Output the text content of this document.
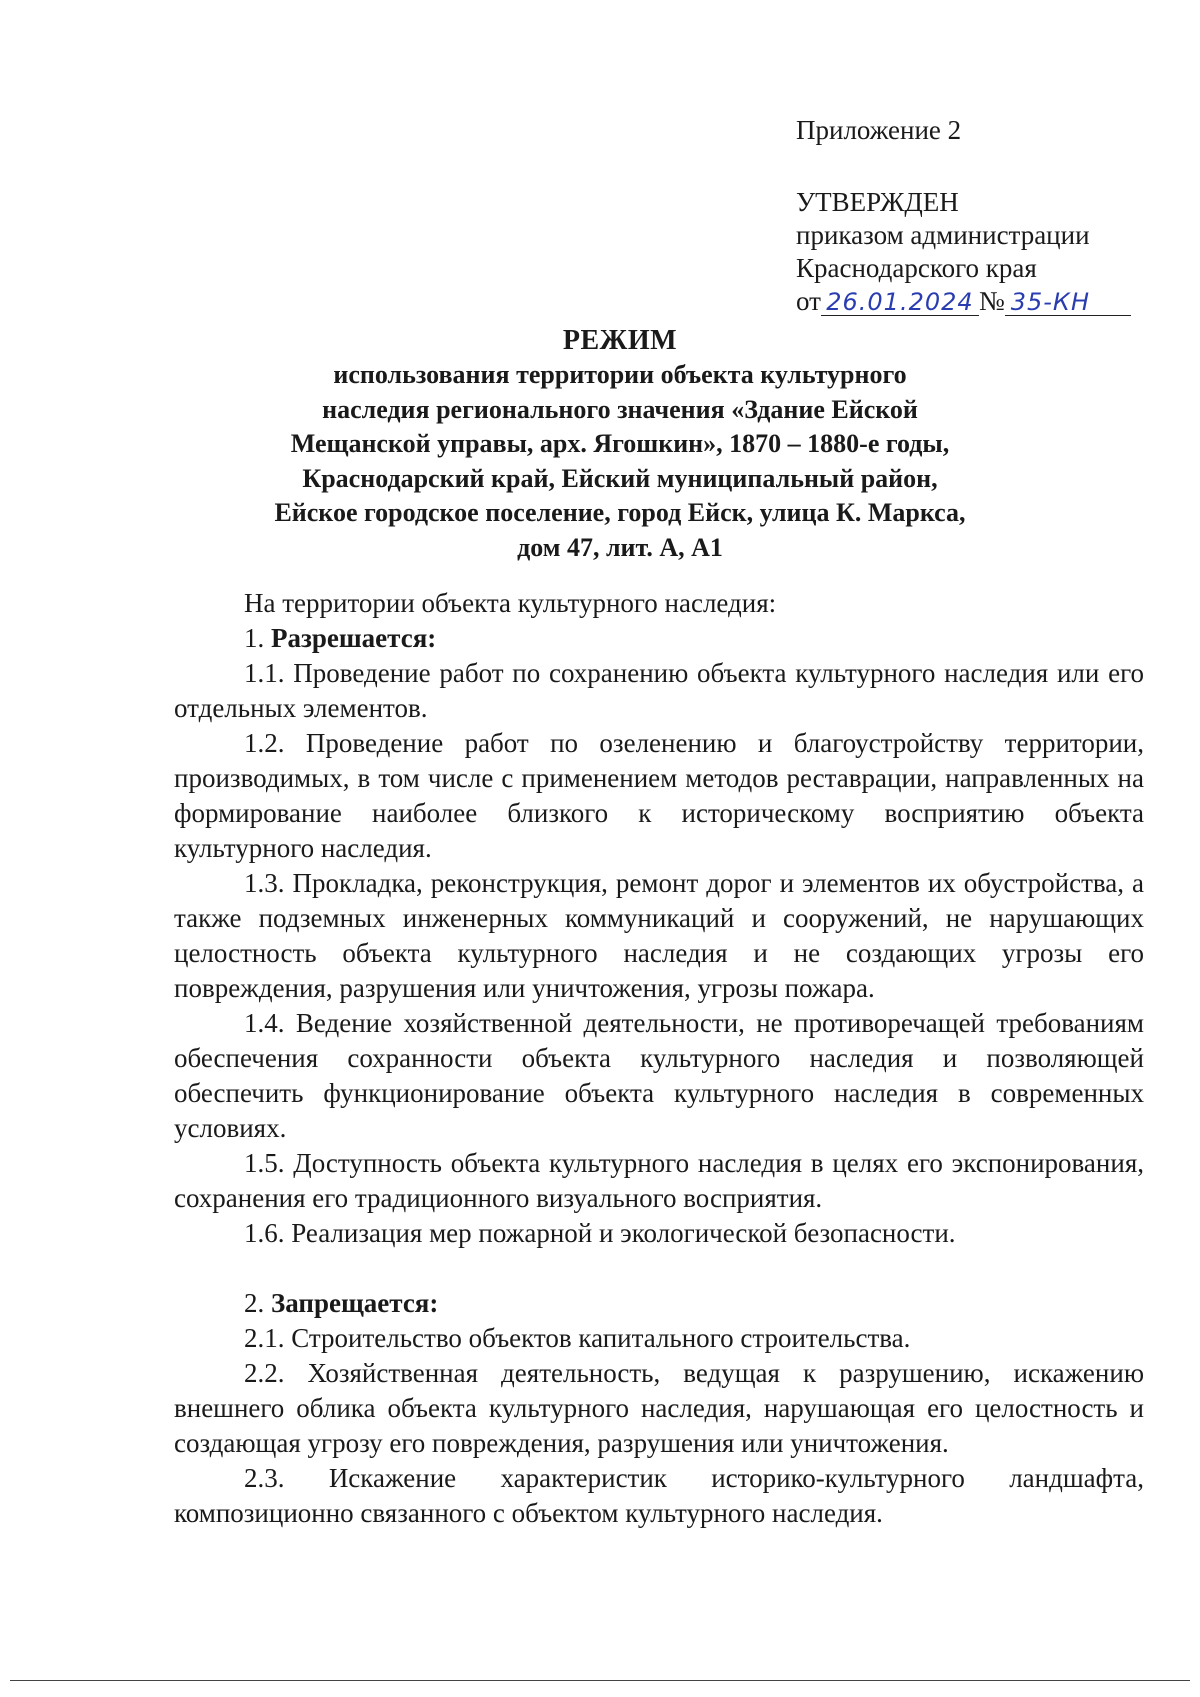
Приложение 2
УТВЕРЖДЕН
приказом администрации
Краснодарского края
от 26.01.2024 № 35-КН
РЕЖИМ
использования территории объекта культурного
наследия регионального значения «Здание Ейской
Мещанской управы, арх. Ягошкин», 1870 – 1880-е годы,
Краснодарский край, Ейский муниципальный район,
Ейское городское поселение, город Ейск, улица К. Маркса,
дом 47, лит. А, А1

На территории объекта культурного наследия:

1. Разрешается:

1.1. Проведение работ по сохранению объекта культурного наследия или его отдельных элементов.

1.2. Проведение работ по озеленению и благоустройству территории, производимых, в том числе с применением методов реставрации, направленных на формирование наиболее близкого к историческому восприятию объекта культурного наследия.

1.3. Прокладка, реконструкция, ремонт дорог и элементов их обустройства, а также подземных инженерных коммуникаций и сооружений, не нарушающих целостность объекта культурного наследия и не создающих угрозы его повреждения, разрушения или уничтожения, угрозы пожара.

1.4. Ведение хозяйственной деятельности, не противоречащей требованиям обеспечения сохранности объекта культурного наследия и позволяющей обеспечить функционирование объекта культурного наследия в современных условиях.

1.5. Доступность объекта культурного наследия в целях его экспонирования, сохранения его традиционного визуального восприятия.

1.6. Реализация мер пожарной и экологической безопасности.

2. Запрещается:

2.1. Строительство объектов капитального строительства.

2.2. Хозяйственная деятельность, ведущая к разрушению, искажению внешнего облика объекта культурного наследия, нарушающая его целостность и создающая угрозу его повреждения, разрушения или уничтожения.

2.3. Искажение характеристик историко-культурного ландшафта, композиционно связанного с объектом культурного наследия.
